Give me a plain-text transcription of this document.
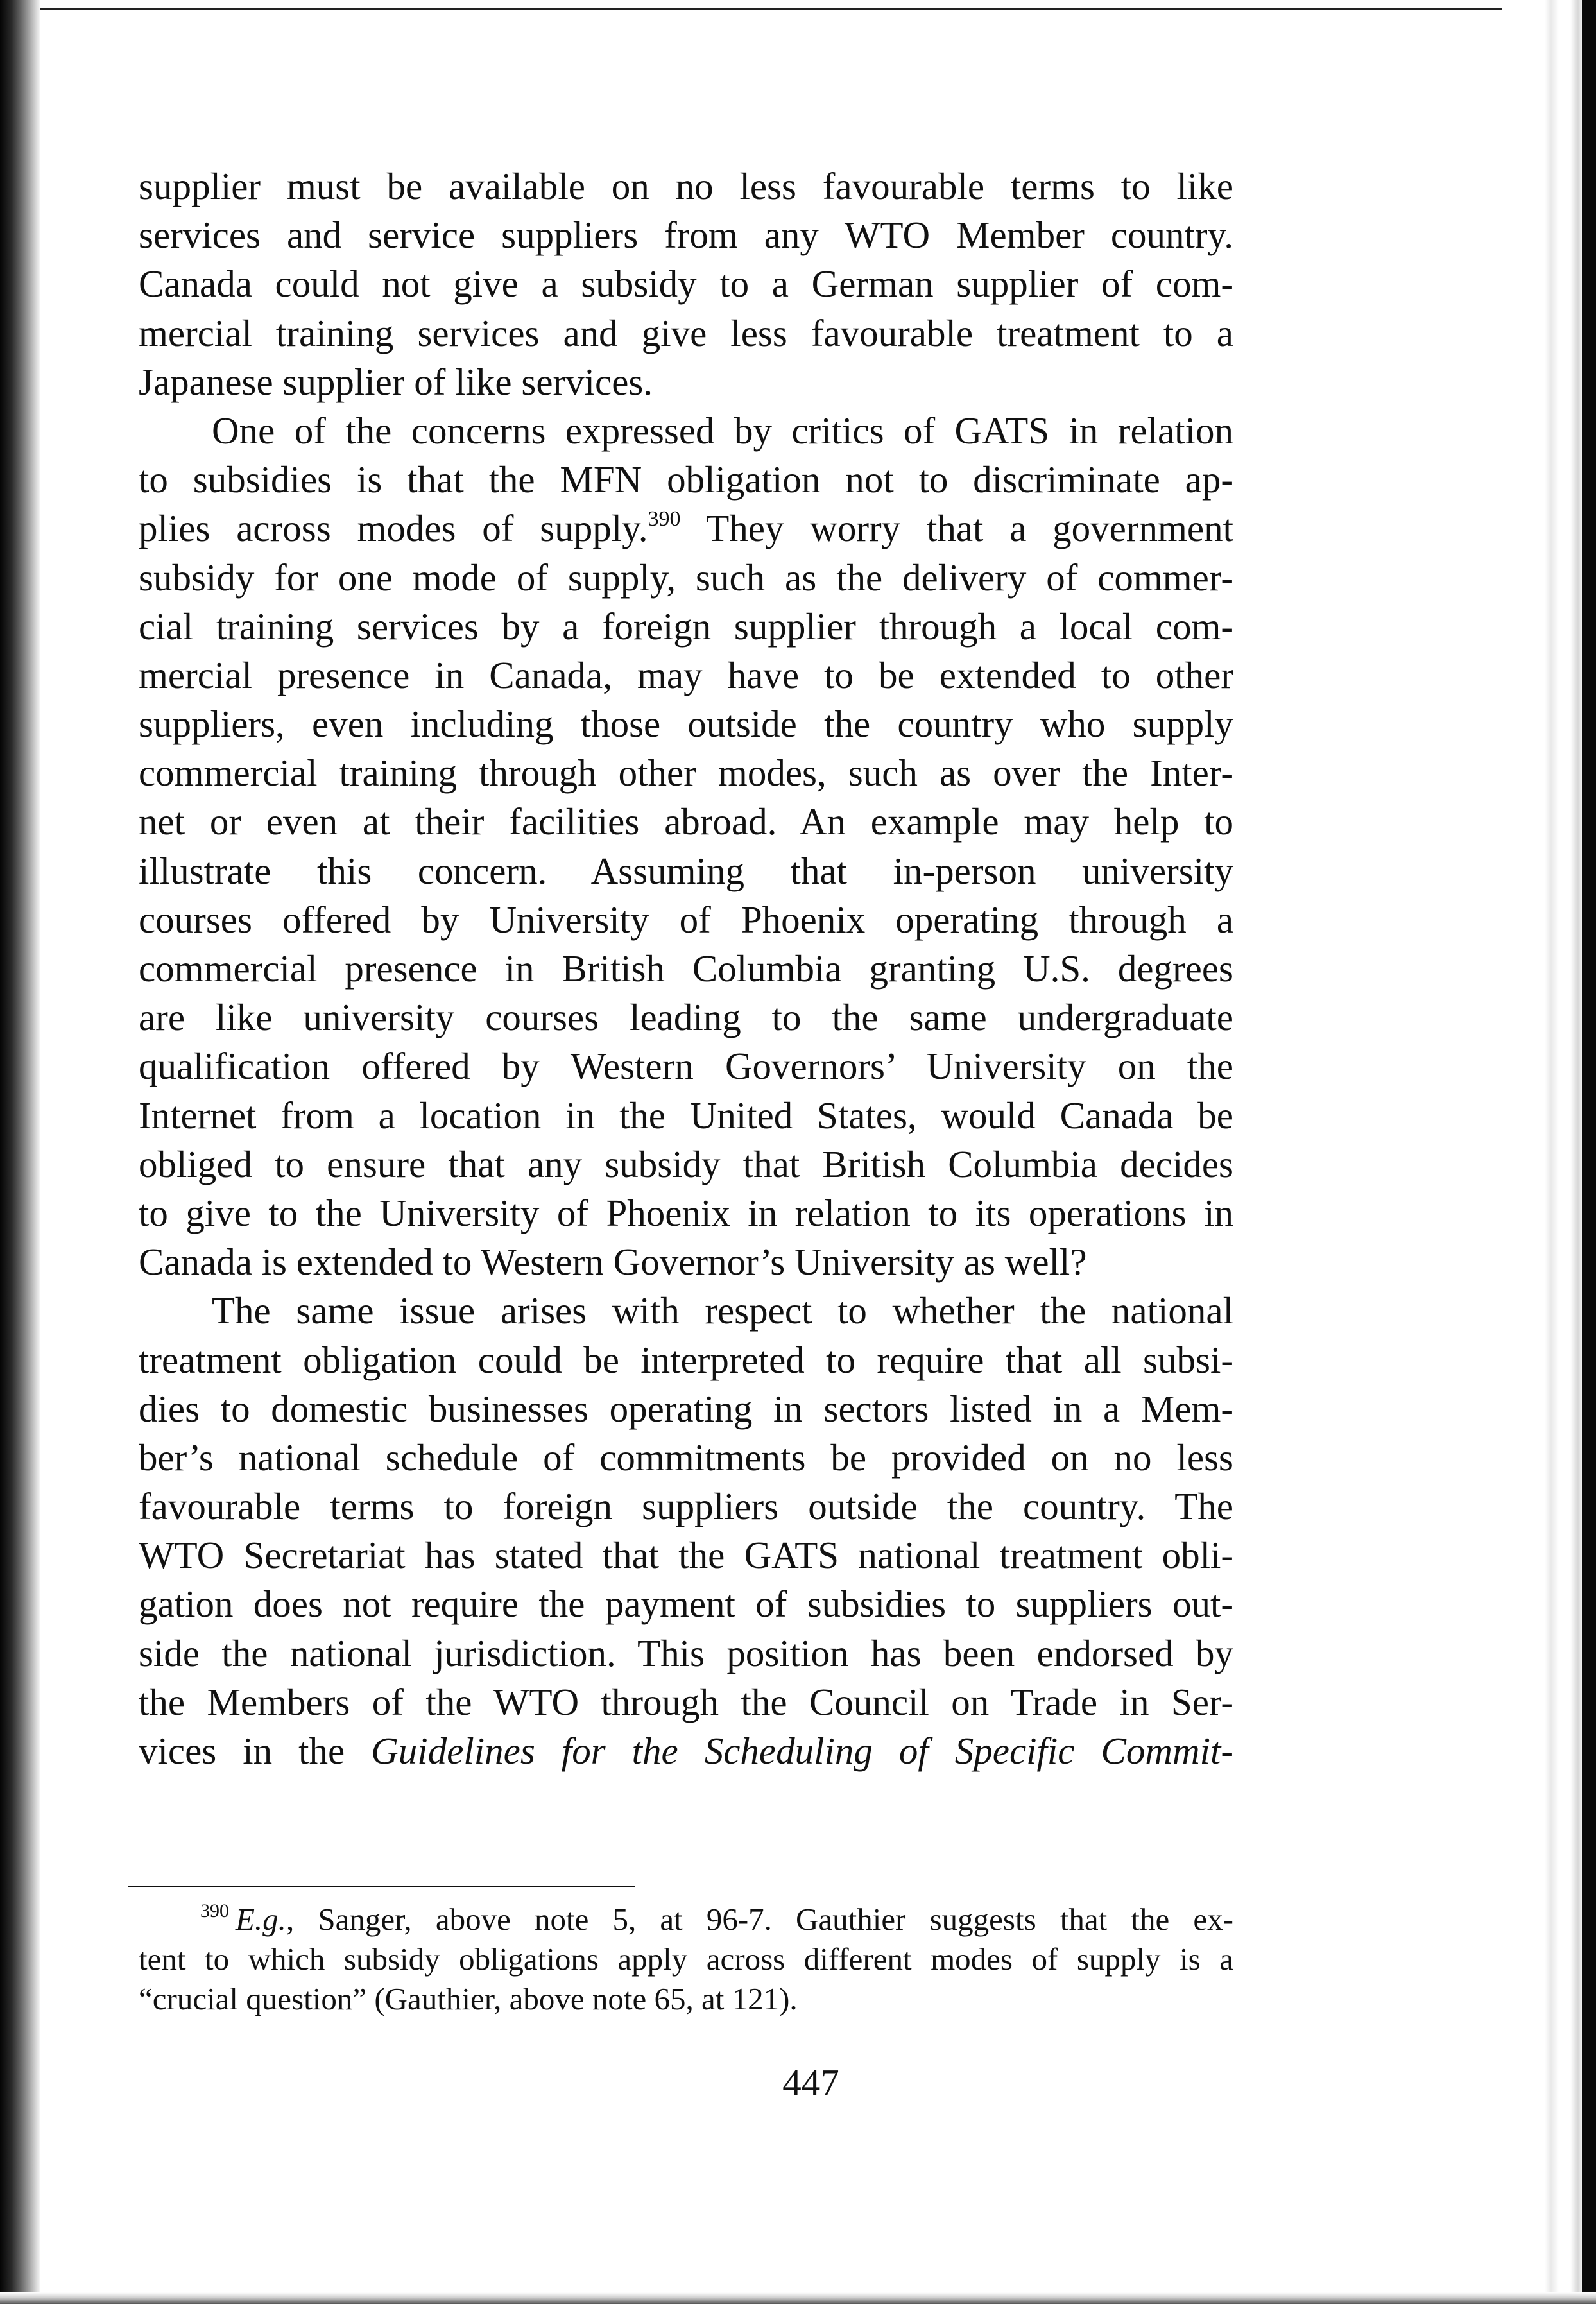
supplier must be available on no less favourable terms to like
services and service suppliers from any WTO Member country.
Canada could not give a subsidy to a German supplier of com-
mercial training services and give less favourable treatment to a
Japanese supplier of like services.
One of the concerns expressed by critics of GATS in relation
to subsidies is that the MFN obligation not to discriminate ap-
plies across modes of supply.$^{390}$ They worry that a government
subsidy for one mode of supply, such as the delivery of commer-
cial training services by a foreign supplier through a local com-
mercial presence in Canada, may have to be extended to other
suppliers, even including those outside the country who supply
commercial training through other modes, such as over the Inter-
net or even at their facilities abroad. An example may help to
illustrate this concern. Assuming that in-person university
courses offered by University of Phoenix operating through a
commercial presence in British Columbia granting U.S. degrees
are like university courses leading to the same undergraduate
qualification offered by Western Governors’ University on the
Internet from a location in the United States, would Canada be
obliged to ensure that any subsidy that British Columbia decides
to give to the University of Phoenix in relation to its operations in
Canada is extended to Western Governor’s University as well?
The same issue arises with respect to whether the national
treatment obligation could be interpreted to require that all subsi-
dies to domestic businesses operating in sectors listed in a Mem-
ber’s national schedule of commitments be provided on no less
favourable terms to foreign suppliers outside the country. The
WTO Secretariat has stated that the GATS national treatment obli-
gation does not require the payment of subsidies to suppliers out-
side the national jurisdiction. This position has been endorsed by
the Members of the WTO through the Council on Trade in Ser-
vices in the Guidelines for the Scheduling of Specific Commit-
$^{390}$ E.g., Sanger, above note 5, at 96-7. Gauthier suggests that the ex-
tent to which subsidy obligations apply across different modes of supply is a
“crucial question” (Gauthier, above note 65, at 121).
447
